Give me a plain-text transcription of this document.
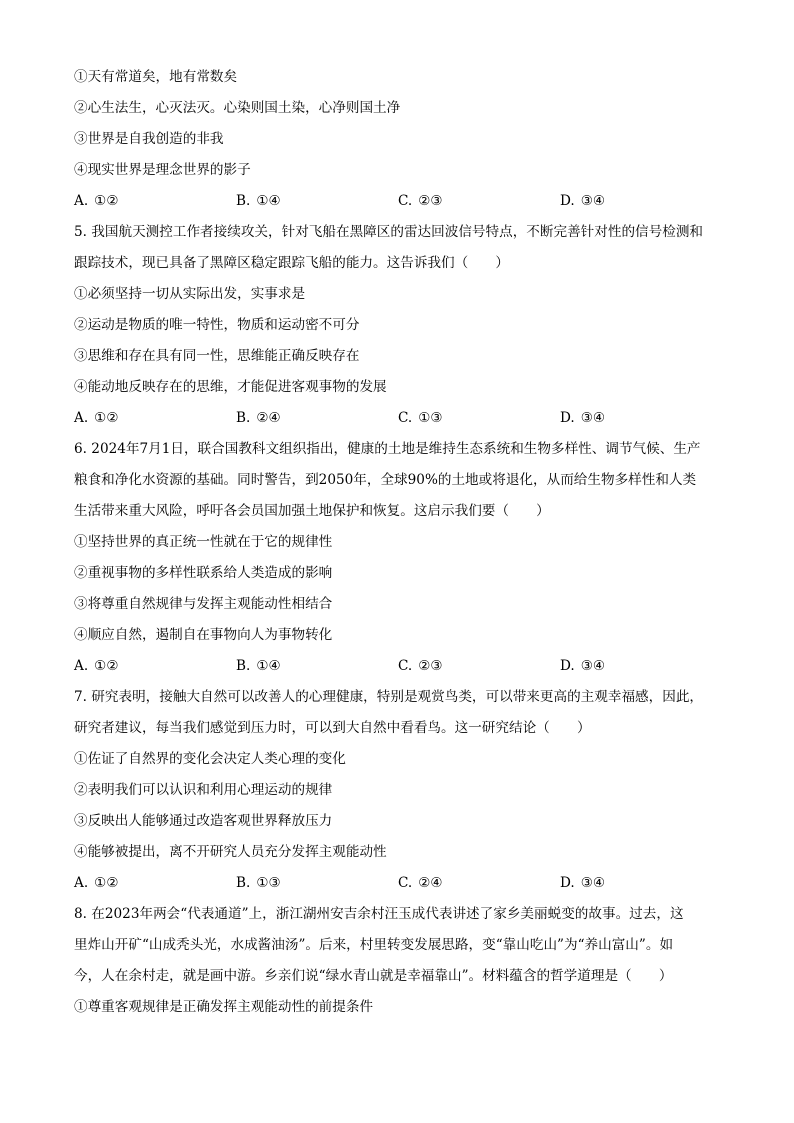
①天有常道矣，地有常数矣
②心生法生，心灭法灭。心染则国土染，心净则国土净
③世界是自我创造的非我
④现实世界是理念世界的影子
A. ①②	B. ①④	C. ②③	D. ③④
5. 我国航天测控工作者接续攻关，针对飞船在黑障区的雷达回波信号特点，不断完善针对性的信号检测和
跟踪技术，现已具备了黑障区稳定跟踪飞船的能力。这告诉我们（　　）
①必须坚持一切从实际出发，实事求是
②运动是物质的唯一特性，物质和运动密不可分
③思维和存在具有同一性，思维能正确反映存在
④能动地反映存在的思维，才能促进客观事物的发展
A. ①②	B. ②④	C. ①③	D. ③④
6. 2024年7月1日，联合国教科文组织指出，健康的土地是维持生态系统和生物多样性、调节气候、生产
粮食和净化水资源的基础。同时警告，到2050年，全球90%的土地或将退化，从而给生物多样性和人类
生活带来重大风险，呼吁各会员国加强土地保护和恢复。这启示我们要（　　）
①坚持世界的真正统一性就在于它的规律性
②重视事物的多样性联系给人类造成的影响
③将尊重自然规律与发挥主观能动性相结合
④顺应自然，遏制自在事物向人为事物转化
A. ①②	B. ①④	C. ②③	D. ③④
7. 研究表明，接触大自然可以改善人的心理健康，特别是观赏鸟类，可以带来更高的主观幸福感，因此，
研究者建议，每当我们感觉到压力时，可以到大自然中看看鸟。这一研究结论（　　）
①佐证了自然界的变化会决定人类心理的变化
②表明我们可以认识和利用心理运动的规律
③反映出人能够通过改造客观世界释放压力
④能够被提出，离不开研究人员充分发挥主观能动性
A. ①②	B. ①③	C. ②④	D. ③④
8. 在2023年两会“代表通道”上，浙江湖州安吉余村汪玉成代表讲述了家乡美丽蜕变的故事。过去，这
里炸山开矿“山成秃头光，水成酱油汤”。后来，村里转变发展思路，变“靠山吃山”为“养山富山”。如
今，人在余村走，就是画中游。乡亲们说“绿水青山就是幸福靠山”。材料蕴含的哲学道理是（　　）
①尊重客观规律是正确发挥主观能动性的前提条件
